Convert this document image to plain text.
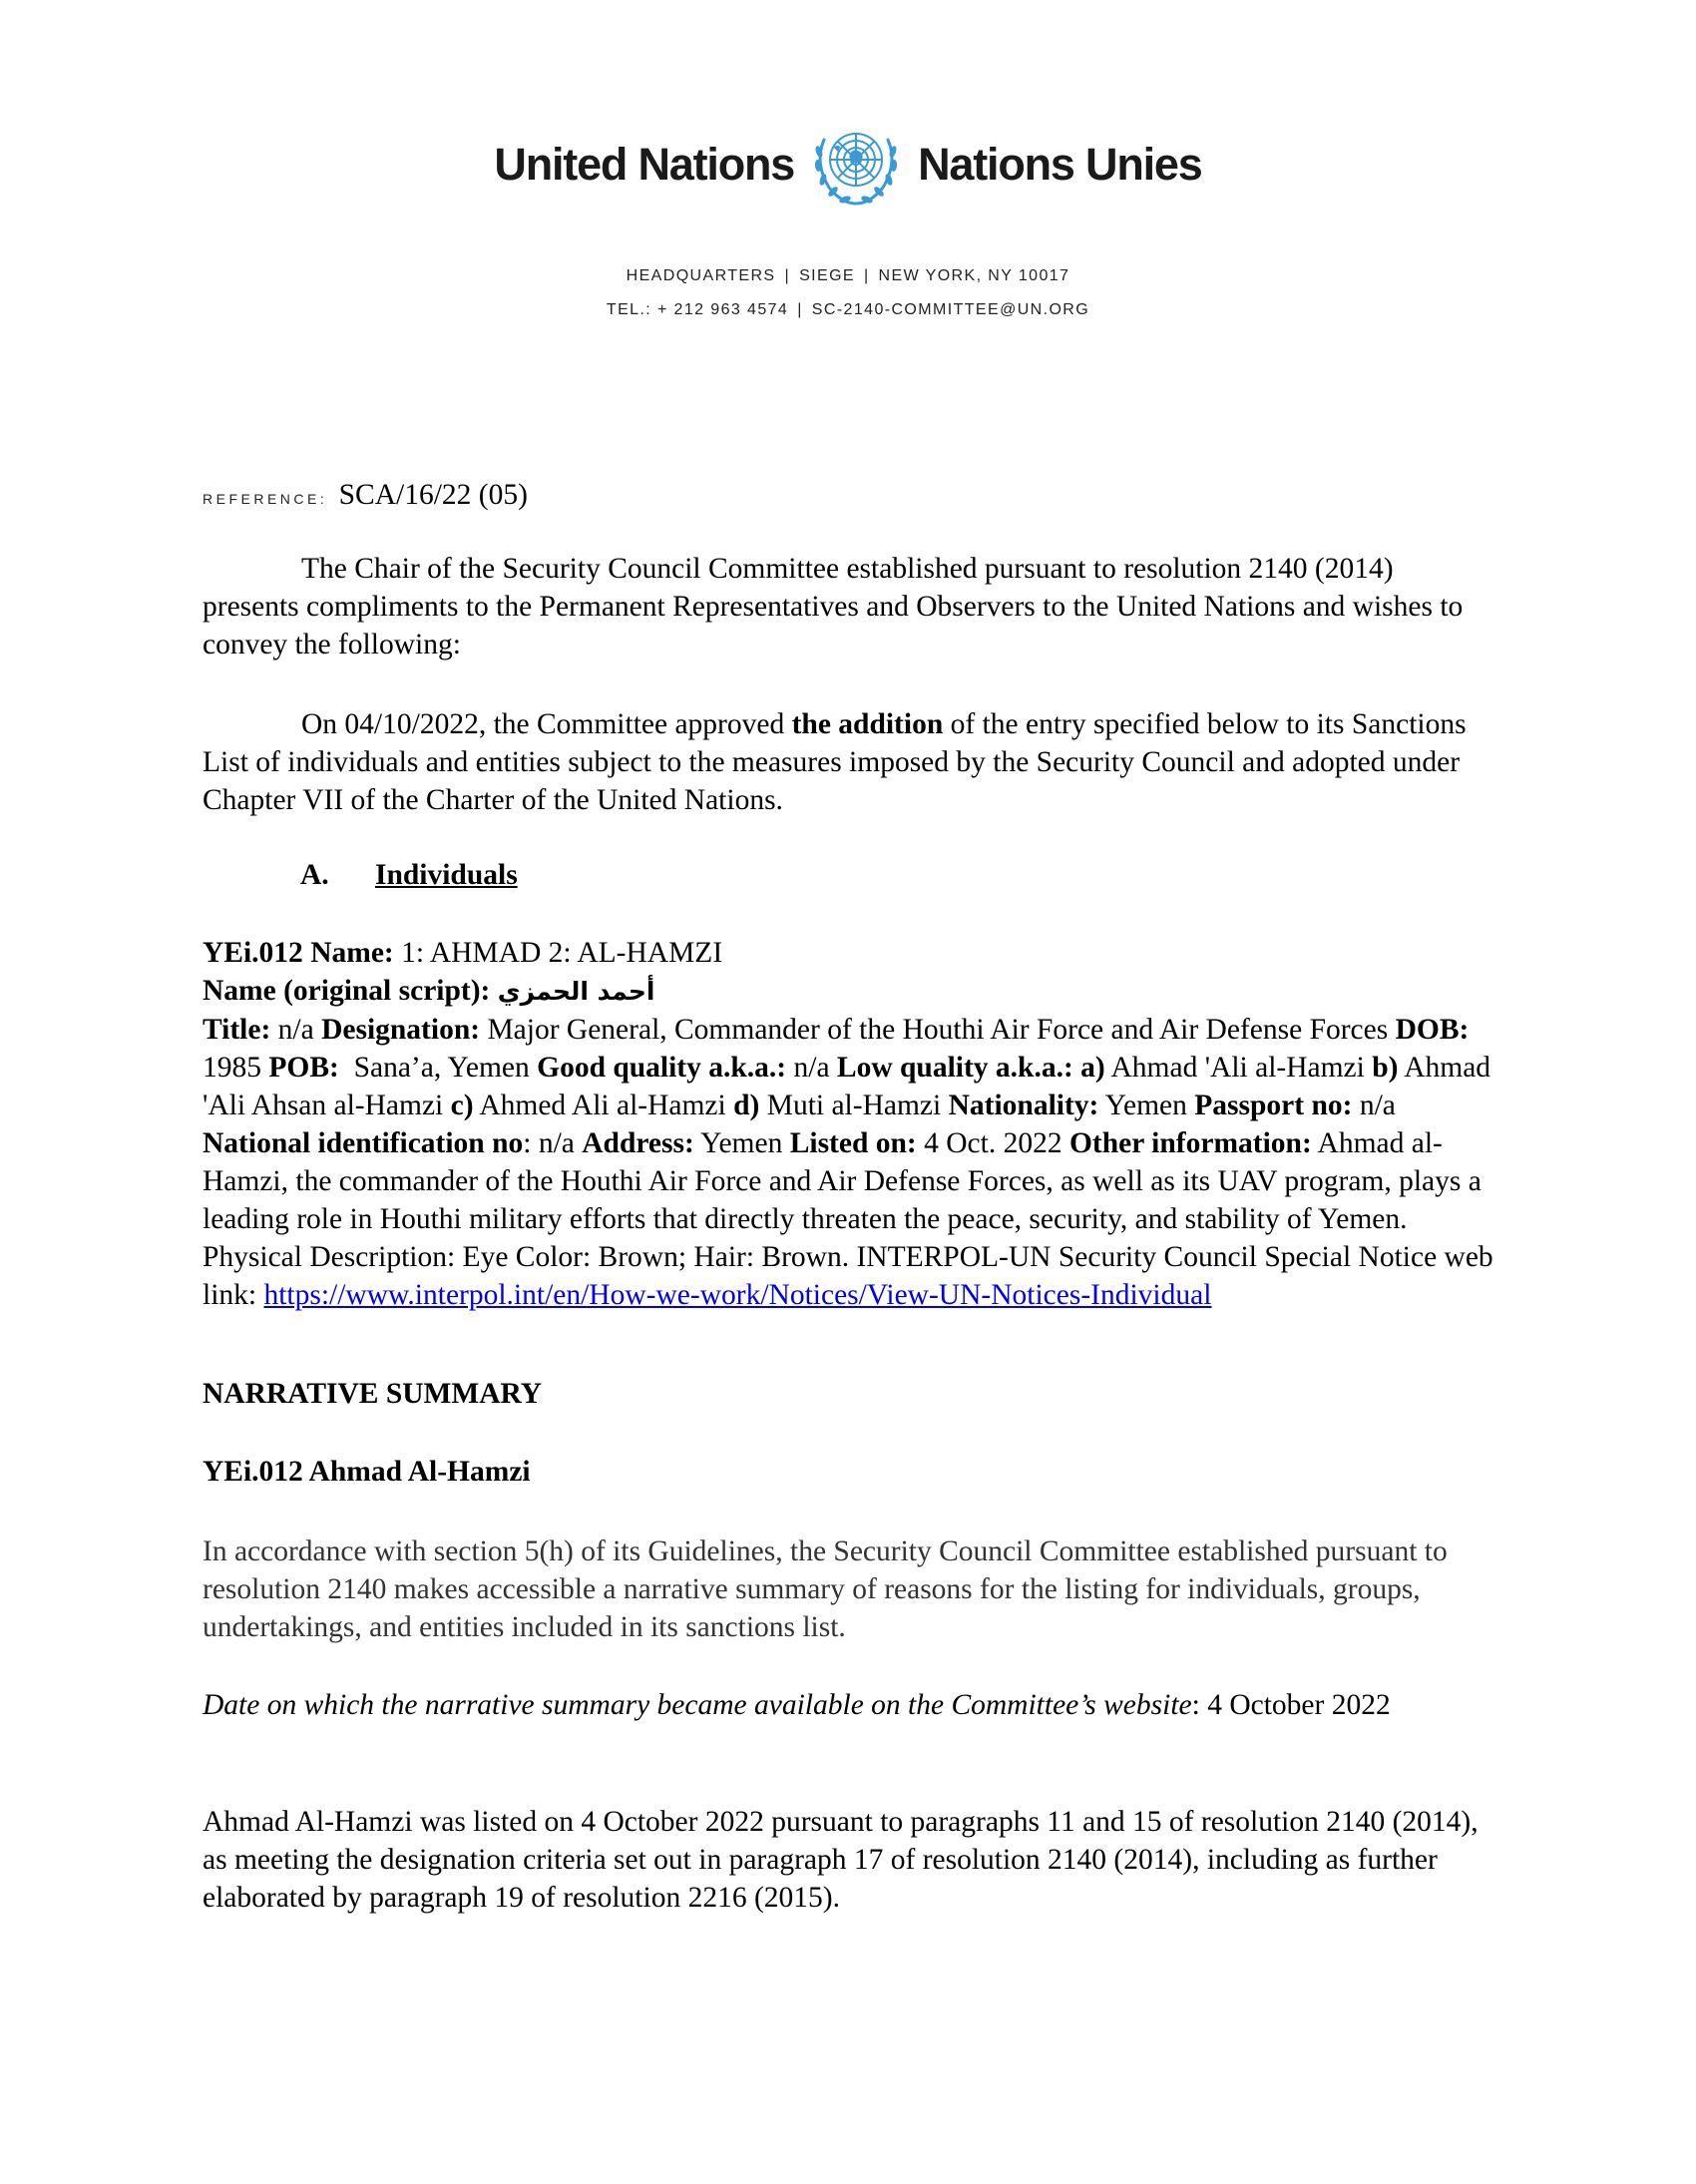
United Nations	Nations Unies
HEADQUARTERS | SIEGE | NEW YORK, NY 10017
TEL.: + 212 963 4574 | SC-2140-COMMITTEE@UN.ORG
REFERENCE: SCA/16/22 (05)

The Chair of the Security Council Committee established pursuant to resolution 2140 (2014) presents compliments to the Permanent Representatives and Observers to the United Nations and wishes to convey the following:

On 04/10/2022, the Committee approved the addition of the entry specified below to its Sanctions List of individuals and entities subject to the measures imposed by the Security Council and adopted under Chapter VII of the Charter of the United Nations.

A. Individuals
YEi.012 Name: 1: AHMAD 2: AL-HAMZI
Name (original script): أحمد الحمزي
Title: n/a Designation: Major General, Commander of the Houthi Air Force and Air Defense Forces DOB: 1985 POB: Sana’a, Yemen Good quality a.k.a.: n/a Low quality a.k.a.: a) Ahmad 'Ali al-Hamzi b) Ahmad 'Ali Ahsan al-Hamzi c) Ahmed Ali al-Hamzi d) Muti al-Hamzi Nationality: Yemen Passport no: n/a National identification no: n/a Address: Yemen Listed on: 4 Oct. 2022 Other information: Ahmad al-Hamzi, the commander of the Houthi Air Force and Air Defense Forces, as well as its UAV program, plays a leading role in Houthi military efforts that directly threaten the peace, security, and stability of Yemen. Physical Description: Eye Color: Brown; Hair: Brown. INTERPOL-UN Security Council Special Notice web link: https://www.interpol.int/en/How-we-work/Notices/View-UN-Notices-Individual
NARRATIVE SUMMARY
YEi.012 Ahmad Al-Hamzi

In accordance with section 5(h) of its Guidelines, the Security Council Committee established pursuant to resolution 2140 makes accessible a narrative summary of reasons for the listing for individuals, groups, undertakings, and entities included in its sanctions list.

Date on which the narrative summary became available on the Committee’s website: 4 October 2022

Ahmad Al-Hamzi was listed on 4 October 2022 pursuant to paragraphs 11 and 15 of resolution 2140 (2014), as meeting the designation criteria set out in paragraph 17 of resolution 2140 (2014), including as further elaborated by paragraph 19 of resolution 2216 (2015).
